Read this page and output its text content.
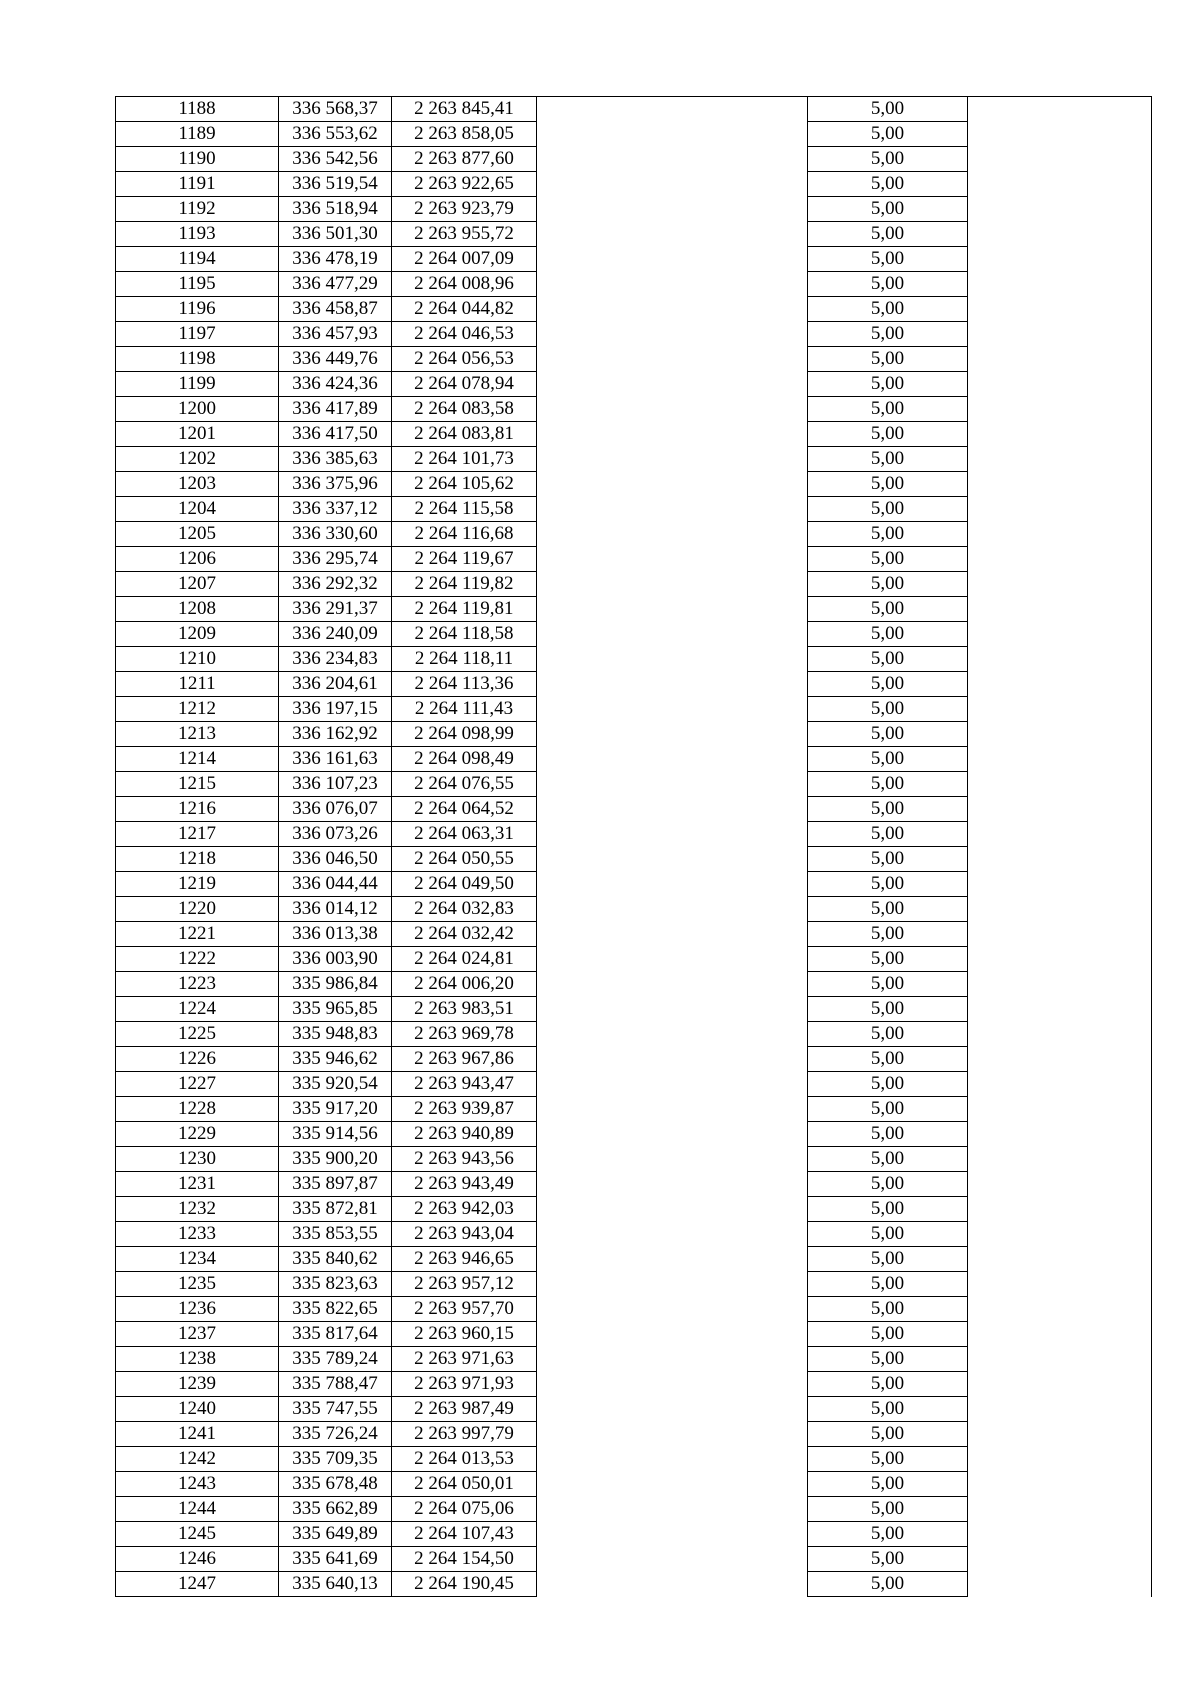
1188	336 568,37	2 263 845,41		5,00	
1189	336 553,62	2 263 858,05		5,00	
1190	336 542,56	2 263 877,60		5,00	
1191	336 519,54	2 263 922,65		5,00	
1192	336 518,94	2 263 923,79		5,00	
1193	336 501,30	2 263 955,72		5,00	
1194	336 478,19	2 264 007,09		5,00	
1195	336 477,29	2 264 008,96		5,00	
1196	336 458,87	2 264 044,82		5,00	
1197	336 457,93	2 264 046,53		5,00	
1198	336 449,76	2 264 056,53		5,00	
1199	336 424,36	2 264 078,94		5,00	
1200	336 417,89	2 264 083,58		5,00	
1201	336 417,50	2 264 083,81		5,00	
1202	336 385,63	2 264 101,73		5,00	
1203	336 375,96	2 264 105,62		5,00	
1204	336 337,12	2 264 115,58		5,00	
1205	336 330,60	2 264 116,68		5,00	
1206	336 295,74	2 264 119,67		5,00	
1207	336 292,32	2 264 119,82		5,00	
1208	336 291,37	2 264 119,81		5,00	
1209	336 240,09	2 264 118,58		5,00	
1210	336 234,83	2 264 118,11		5,00	
1211	336 204,61	2 264 113,36		5,00	
1212	336 197,15	2 264 111,43		5,00	
1213	336 162,92	2 264 098,99		5,00	
1214	336 161,63	2 264 098,49		5,00	
1215	336 107,23	2 264 076,55		5,00	
1216	336 076,07	2 264 064,52		5,00	
1217	336 073,26	2 264 063,31		5,00	
1218	336 046,50	2 264 050,55		5,00	
1219	336 044,44	2 264 049,50		5,00	
1220	336 014,12	2 264 032,83		5,00	
1221	336 013,38	2 264 032,42		5,00	
1222	336 003,90	2 264 024,81		5,00	
1223	335 986,84	2 264 006,20		5,00	
1224	335 965,85	2 263 983,51		5,00	
1225	335 948,83	2 263 969,78		5,00	
1226	335 946,62	2 263 967,86		5,00	
1227	335 920,54	2 263 943,47		5,00	
1228	335 917,20	2 263 939,87		5,00	
1229	335 914,56	2 263 940,89		5,00	
1230	335 900,20	2 263 943,56		5,00	
1231	335 897,87	2 263 943,49		5,00	
1232	335 872,81	2 263 942,03		5,00	
1233	335 853,55	2 263 943,04		5,00	
1234	335 840,62	2 263 946,65		5,00	
1235	335 823,63	2 263 957,12		5,00	
1236	335 822,65	2 263 957,70		5,00	
1237	335 817,64	2 263 960,15		5,00	
1238	335 789,24	2 263 971,63		5,00	
1239	335 788,47	2 263 971,93		5,00	
1240	335 747,55	2 263 987,49		5,00	
1241	335 726,24	2 263 997,79		5,00	
1242	335 709,35	2 264 013,53		5,00	
1243	335 678,48	2 264 050,01		5,00	
1244	335 662,89	2 264 075,06		5,00	
1245	335 649,89	2 264 107,43		5,00	
1246	335 641,69	2 264 154,50		5,00	
1247	335 640,13	2 264 190,45		5,00	
